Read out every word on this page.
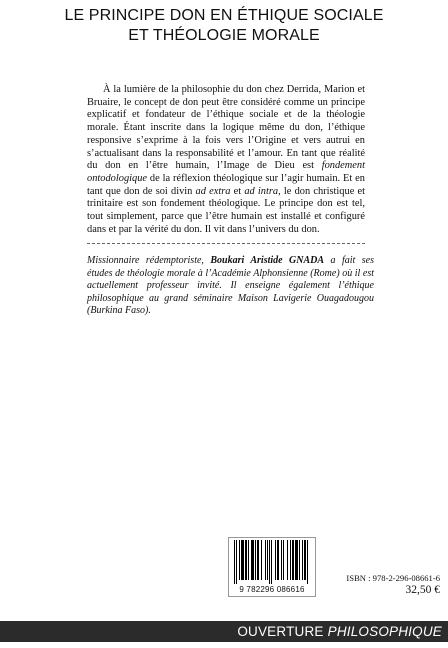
LE PRINCIPE DON EN ÉTHIQUE SOCIALE
ET THÉOLOGIE MORALE

À la lumière de la philosophie du don chez Derrida, Marion et Bruaire, le concept de don peut être considéré comme un principe explicatif et fondateur de l’éthique sociale et de la théologie morale. Étant inscrite dans la logique même du don, l’éthique responsive s’exprime à la fois vers l’Origine et vers autrui en s’actualisant dans la responsabilité et l’amour. En tant que réalité du don en l’être humain, l’Image de Dieu est fondement ontodologique de la réflexion théologique sur l’agir humain. Et en tant que don de soi divin ad extra et ad intra, le don christique et trinitaire est son fondement théologique. Le principe don est tel, tout simplement, parce que l’être humain est installé et configuré dans et par la vérité du don. Il vit dans l’univers du don.

Missionnaire rédemptoriste, Boukari Aristide GNADA a fait ses études de théologie morale à l’Académie Alphonsienne (Rome) où il est actuellement professeur invité. Il enseigne également l’éthique philosophique au grand séminaire Maison Lavigerie Ouagadougou (Burkina Faso).

9 782296 086616
ISBN : 978-2-296-08661-6
32,50 €
OUVERTURE PHILOSOPHIQUE
